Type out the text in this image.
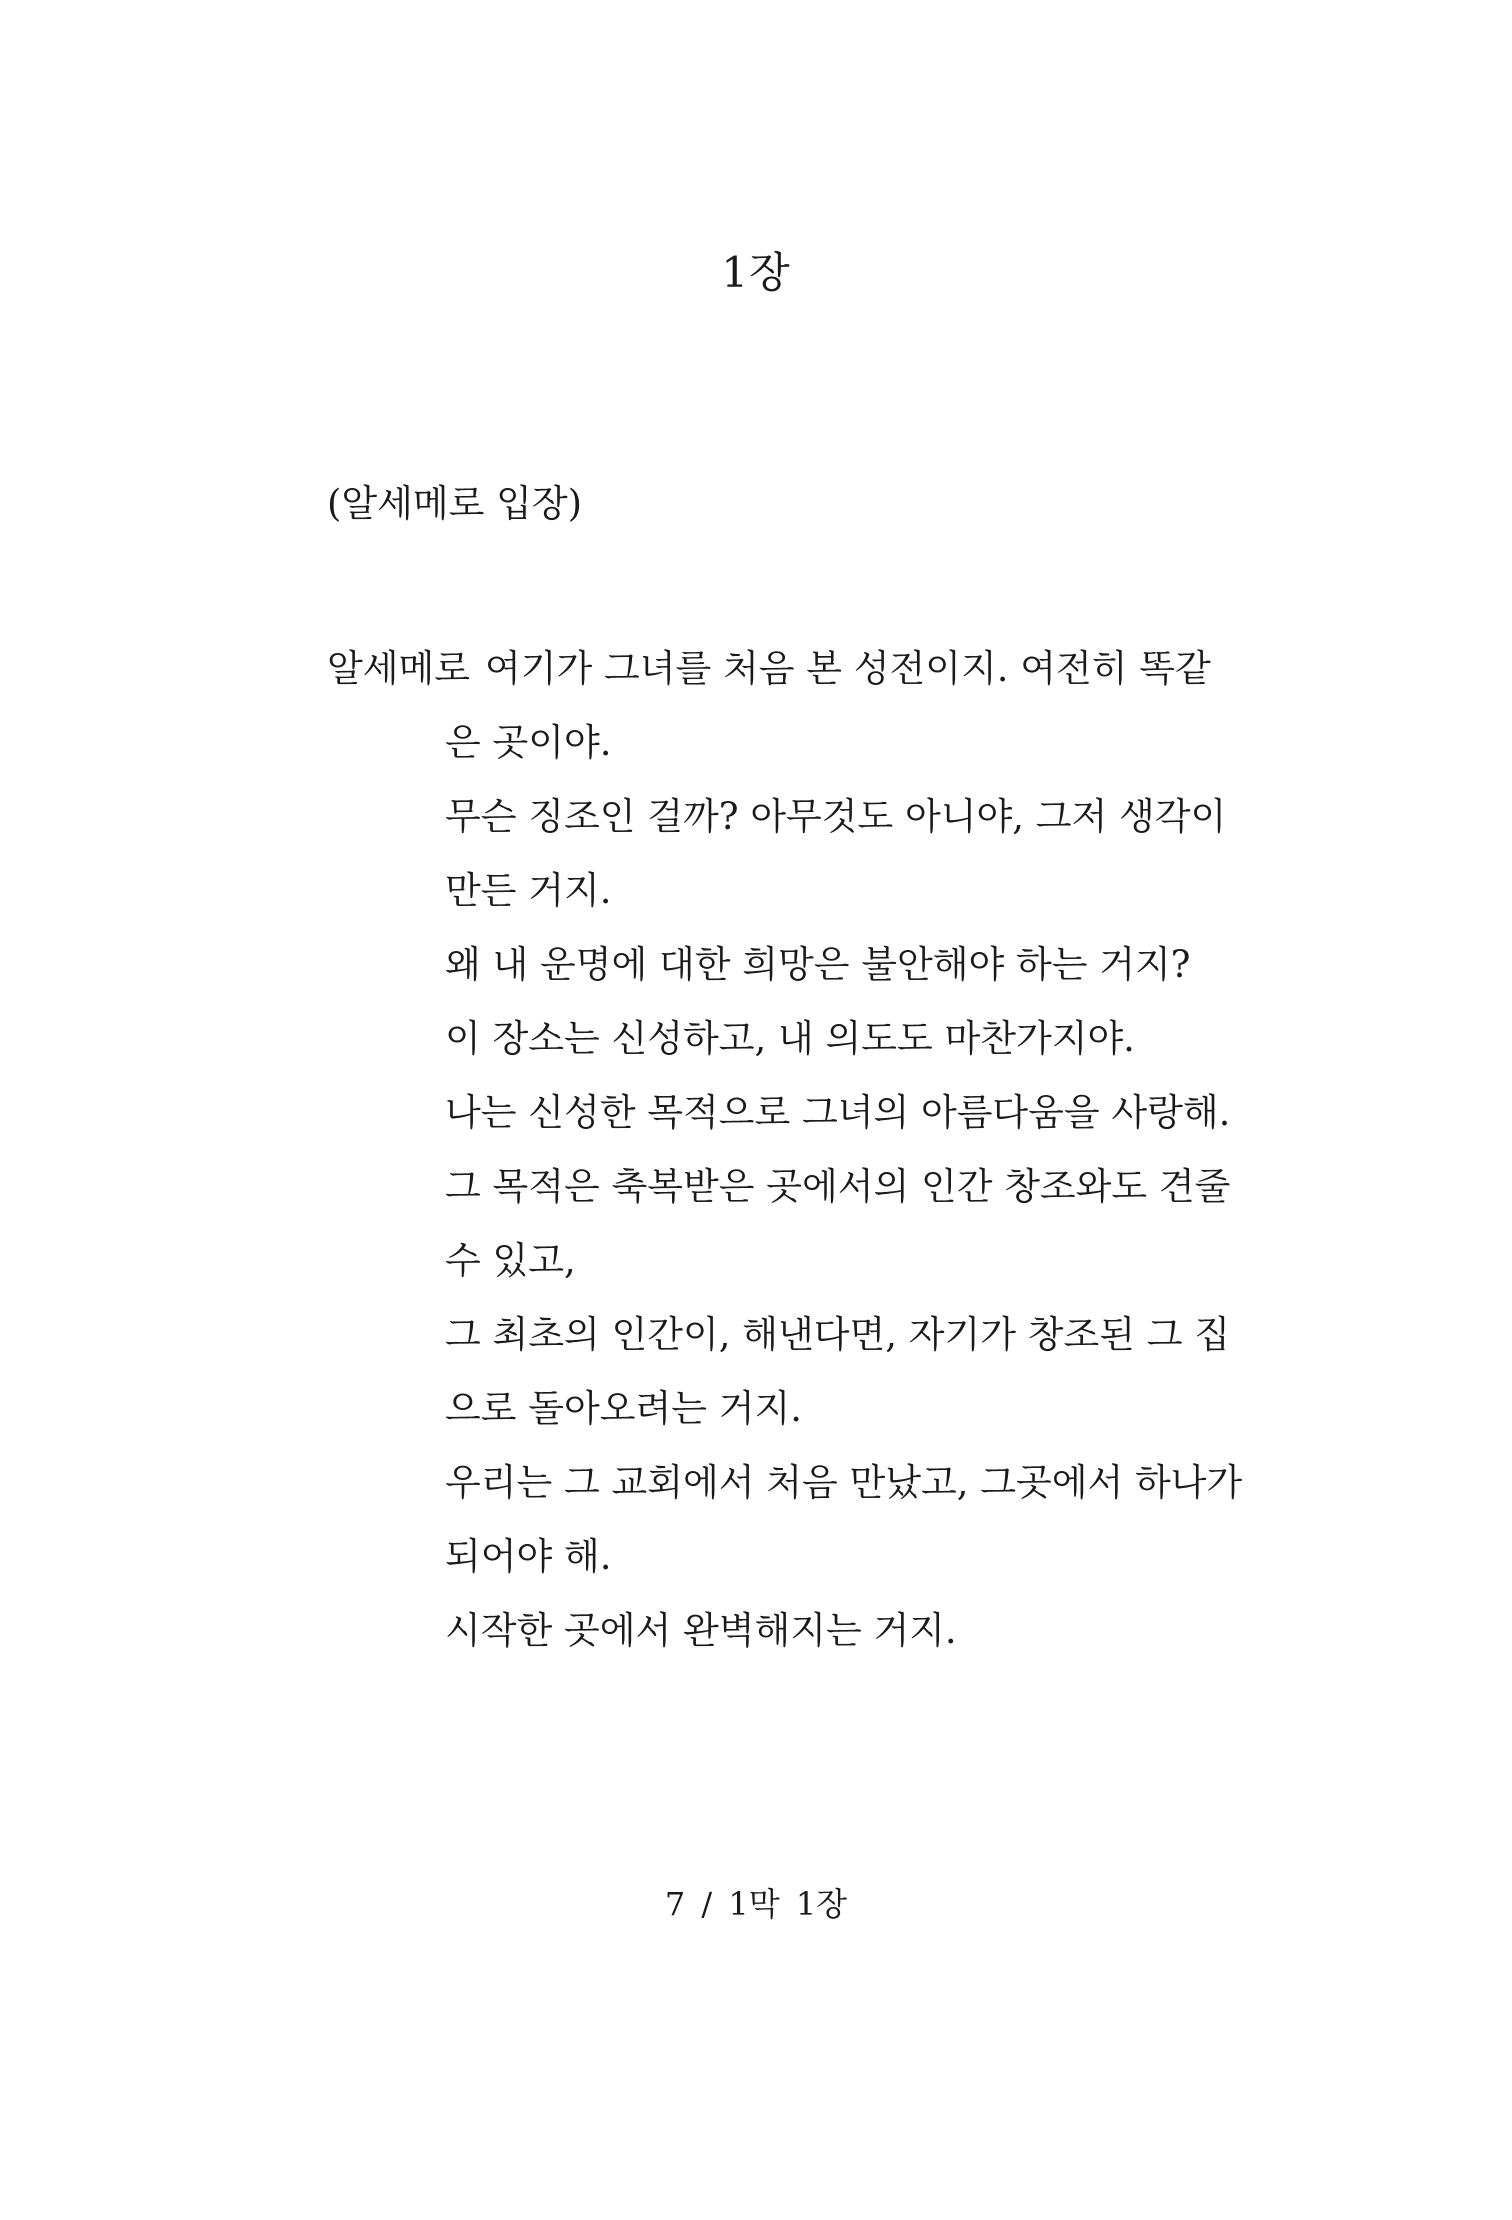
1장
(알세메로 입장)
알세메로 여기가 그녀를 처음 본 성전이지. 여전히 똑같
은 곳이야.
무슨 징조인 걸까? 아무것도 아니야, 그저 생각이
만든 거지.
왜 내 운명에 대한 희망은 불안해야 하는 거지?
이 장소는 신성하고, 내 의도도 마찬가지야.
나는 신성한 목적으로 그녀의 아름다움을 사랑해.
그 목적은 축복받은 곳에서의 인간 창조와도 견줄
수 있고,
그 최초의 인간이, 해낸다면, 자기가 창조된 그 집
으로 돌아오려는 거지.
우리는 그 교회에서 처음 만났고, 그곳에서 하나가
되어야 해.
시작한 곳에서 완벽해지는 거지.
7 / 1막 1장
